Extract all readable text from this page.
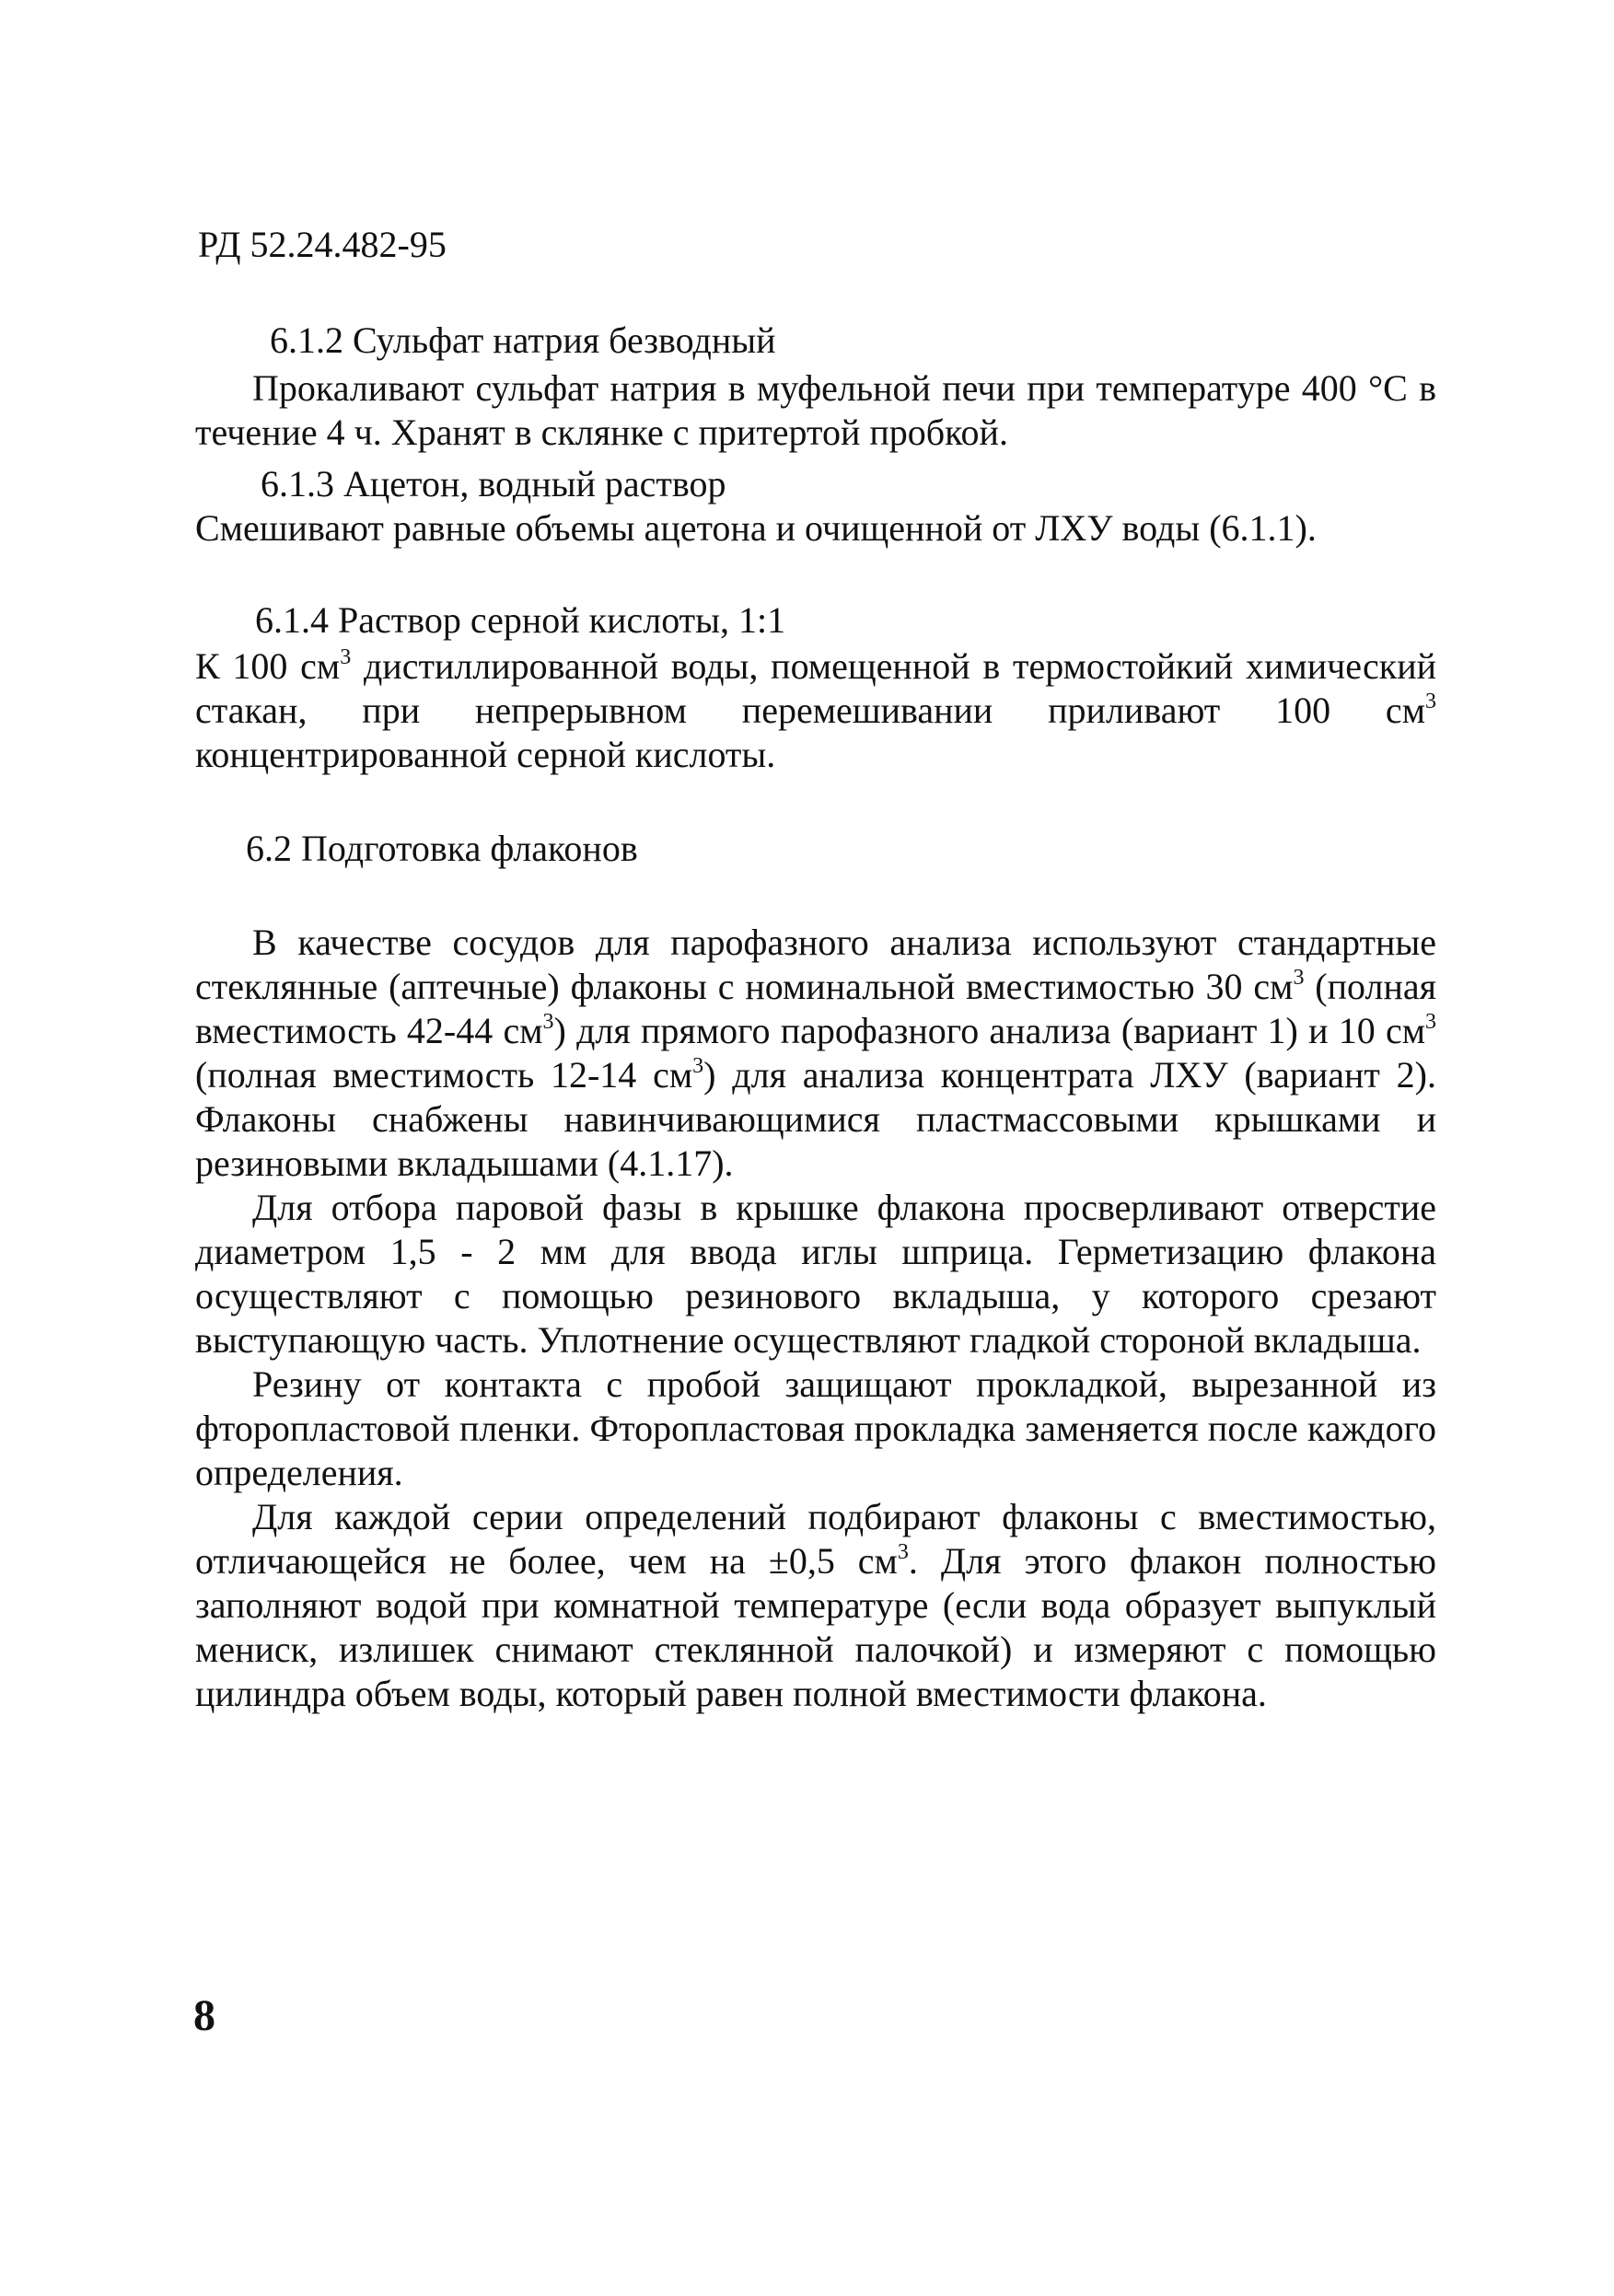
РД 52.24.482-95
6.1.2 Сульфат натрия безводный

Прокаливают сульфат натрия в муфельной печи при температуре 400 °С в течение 4 ч. Хранят в склянке с притертой пробкой.

6.1.3 Ацетон, водный раствор

Смешивают равные объемы ацетона и очищенной от ЛХУ воды (6.1.1).

6.1.4 Раствор серной кислоты, 1:1

К 100 $см^3$ дистиллированной воды, помещенной в термостойкий химический стакан, при непрерывном перемешивании приливают 100 $см^3$ концентрированной серной кислоты.

6.2 Подготовка флаконов

В качестве сосудов для парофазного анализа используют стандартные стеклянные (аптечные) флаконы с номинальной вместимостью 30 $см^3$ (полная вместимость 42-44 $см^3$) для прямого парофазного анализа (вариант 1) и 10 $см^3$ (полная вместимость 12-14 $см^3$) для анализа концентрата ЛХУ (вариант 2). Флаконы снабжены навинчивающимися пластмассовыми крышками и резиновыми вкладышами (4.1.17).

Для отбора паровой фазы в крышке флакона просверливают отверстие диаметром 1,5 - 2 мм для ввода иглы шприца. Герметизацию флакона осуществляют с помощью резинового вкладыша, у которого срезают выступающую часть. Уплотнение осуществляют гладкой стороной вкладыша.

Резину от контакта с пробой защищают прокладкой, вырезанной из фторопластовой пленки. Фторопластовая прокладка заменяется после каждого определения.

Для каждой серии определений подбирают флаконы с вместимостью, отличающейся не более, чем на ±0,5 $см^3$. Для этого флакон полностью заполняют водой при комнатной температуре (если вода образует выпуклый мениск, излишек снимают стеклянной палочкой) и измеряют с помощью цилиндра объем воды, который равен полной вместимости флакона.

8
